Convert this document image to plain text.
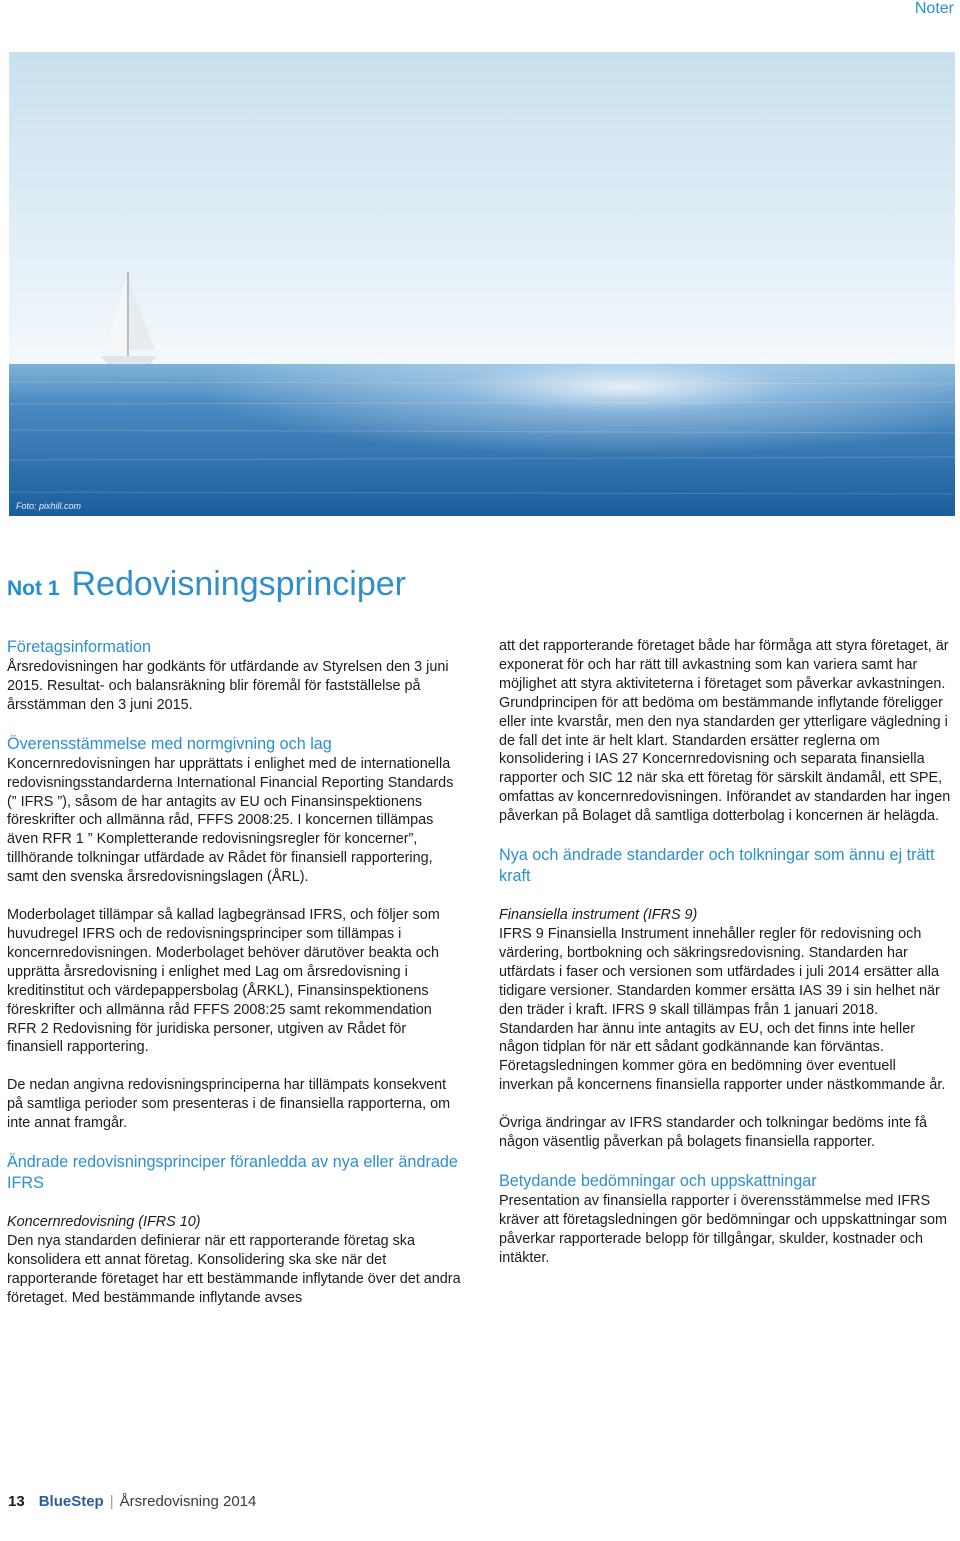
Noter
Foto: pixhill.com
Not 1 Redovisningsprinciper
Företagsinformation

Årsredovisningen har godkänts för utfärdande av Styrelsen den 3 juni 2015. Resultat- och balansräkning blir föremål för fastställelse på årsstämman den 3 juni 2015.

Överensstämmelse med normgivning och lag

Koncernredovisningen har upprättats i enlighet med de internationella redovisningsstandarderna International Financial Reporting Standards (” IFRS ”), såsom de har antagits av EU och Finansinspektionens föreskrifter och allmänna råd, FFFS 2008:25. I koncernen tillämpas även RFR 1 ” Kompletterande redovisningsregler för koncerner”, tillhörande tolkningar utfärdade av Rådet för finansiell rapportering, samt den svenska årsredovisningslagen (ÅRL).

Moderbolaget tillämpar så kallad lagbegränsad IFRS, och följer som huvudregel IFRS och de redovisningsprinciper som tillämpas i koncernredovisningen. Moderbolaget behöver därutöver beakta och upprätta årsredovisning i enlighet med Lag om årsredovisning i kreditinstitut och värdepappersbolag (ÅRKL), Finansinspektionens föreskrifter och allmänna råd FFFS 2008:25 samt rekommendation RFR 2 Redovisning för juridiska personer, utgiven av Rådet för finansiell rapportering.

De nedan angivna redovisningsprinciperna har tillämpats konsekvent på samtliga perioder som presenteras i de finansiella rapporterna, om inte annat framgår.

Ändrade redovisningsprinciper föranledda av nya eller ändrade IFRS
Koncernredovisning (IFRS 10)

Den nya standarden definierar när ett rapporterande företag ska konsolidera ett annat företag. Konsolidering ska ske när det rapporterande företaget har ett bestämmande inflytande över det andra företaget. Med bestämmande inflytande avses

att det rapporterande företaget både har förmåga att styra företaget, är exponerat för och har rätt till avkastning som kan variera samt har möjlighet att styra aktiviteterna i företaget som påverkar avkastningen. Grundprincipen för att bedöma om bestämmande inflytande föreligger eller inte kvarstår, men den nya standarden ger ytterligare vägledning i de fall det inte är helt klart. Standarden ersätter reglerna om konsolidering i IAS 27 Koncernredovisning och separata finansiella rapporter och SIC 12 när ska ett företag för särskilt ändamål, ett SPE, omfattas av koncernredovisningen. Införandet av standarden har ingen påverkan på Bolaget då samtliga dotterbolag i koncernen är helägda.

Nya och ändrade standarder och tolkningar som ännu ej trätt kraft
Finansiella instrument (IFRS 9)

IFRS 9 Finansiella Instrument innehåller regler för redovisning och värdering, bortbokning och säkringsredovisning. Standarden har utfärdats i faser och versionen som utfärdades i juli 2014 ersätter alla tidigare versioner. Standarden kommer ersätta IAS 39 i sin helhet när den träder i kraft. IFRS 9 skall tillämpas från 1 januari 2018. Standarden har ännu inte antagits av EU, och det finns inte heller någon tidplan för när ett sådant godkännande kan förväntas. Företagsledningen kommer göra en bedömning över eventuell inverkan på koncernens finansiella rapporter under nästkommande år.

Övriga ändringar av IFRS standarder och tolkningar bedöms inte få någon väsentlig påverkan på bolagets finansiella rapporter.

Betydande bedömningar och uppskattningar

Presentation av finansiella rapporter i överensstämmelse med IFRS kräver att företagsledningen gör bedömningar och uppskattningar som påverkar rapporterade belopp för tillgångar, skulder, kostnader och intäkter.

13 BlueStep | Årsredovisning 2014
